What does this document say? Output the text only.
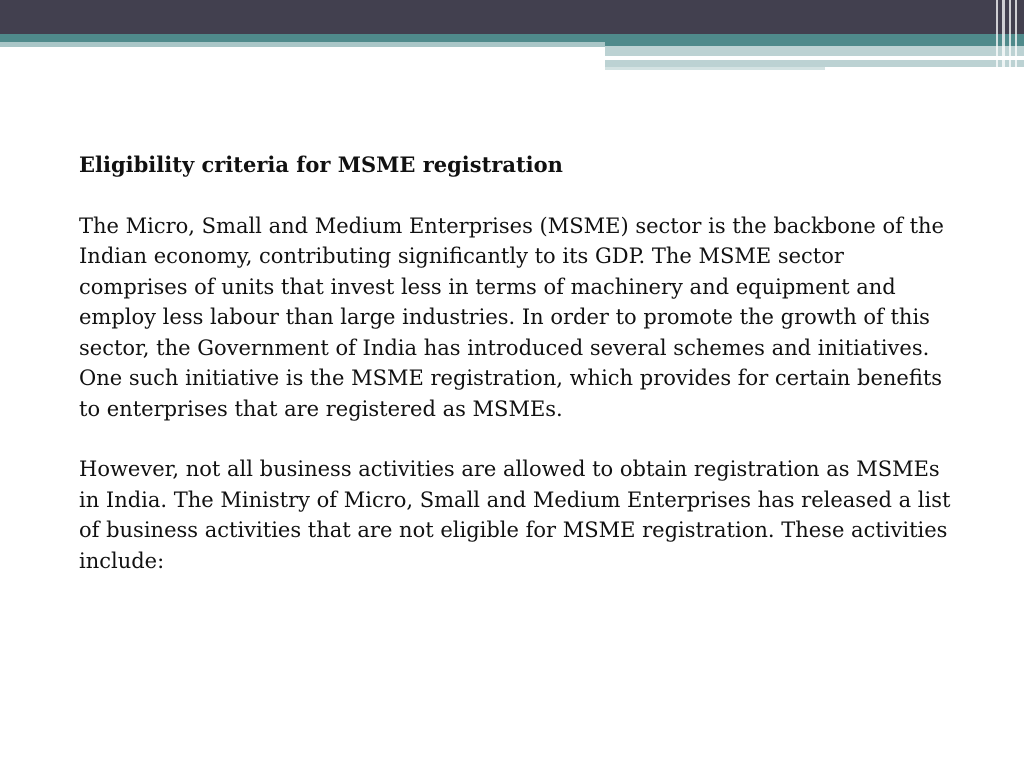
Eligibility criteria for MSME registration
The Micro, Small and Medium Enterprises (MSME) sector is the backbone of the Indian economy, contributing significantly to its GDP. The MSME sector comprises of units that invest less in terms of machinery and equipment and employ less labour than large industries. In order to promote the growth of this sector, the Government of India has introduced several schemes and initiatives. One such initiative is the MSME registration, which provides for certain benefits to enterprises that are registered as MSMEs.
However, not all business activities are allowed to obtain registration as MSMEs in India. The Ministry of Micro, Small and Medium Enterprises has released a list of business activities that are not eligible for MSME registration. These activities include:
